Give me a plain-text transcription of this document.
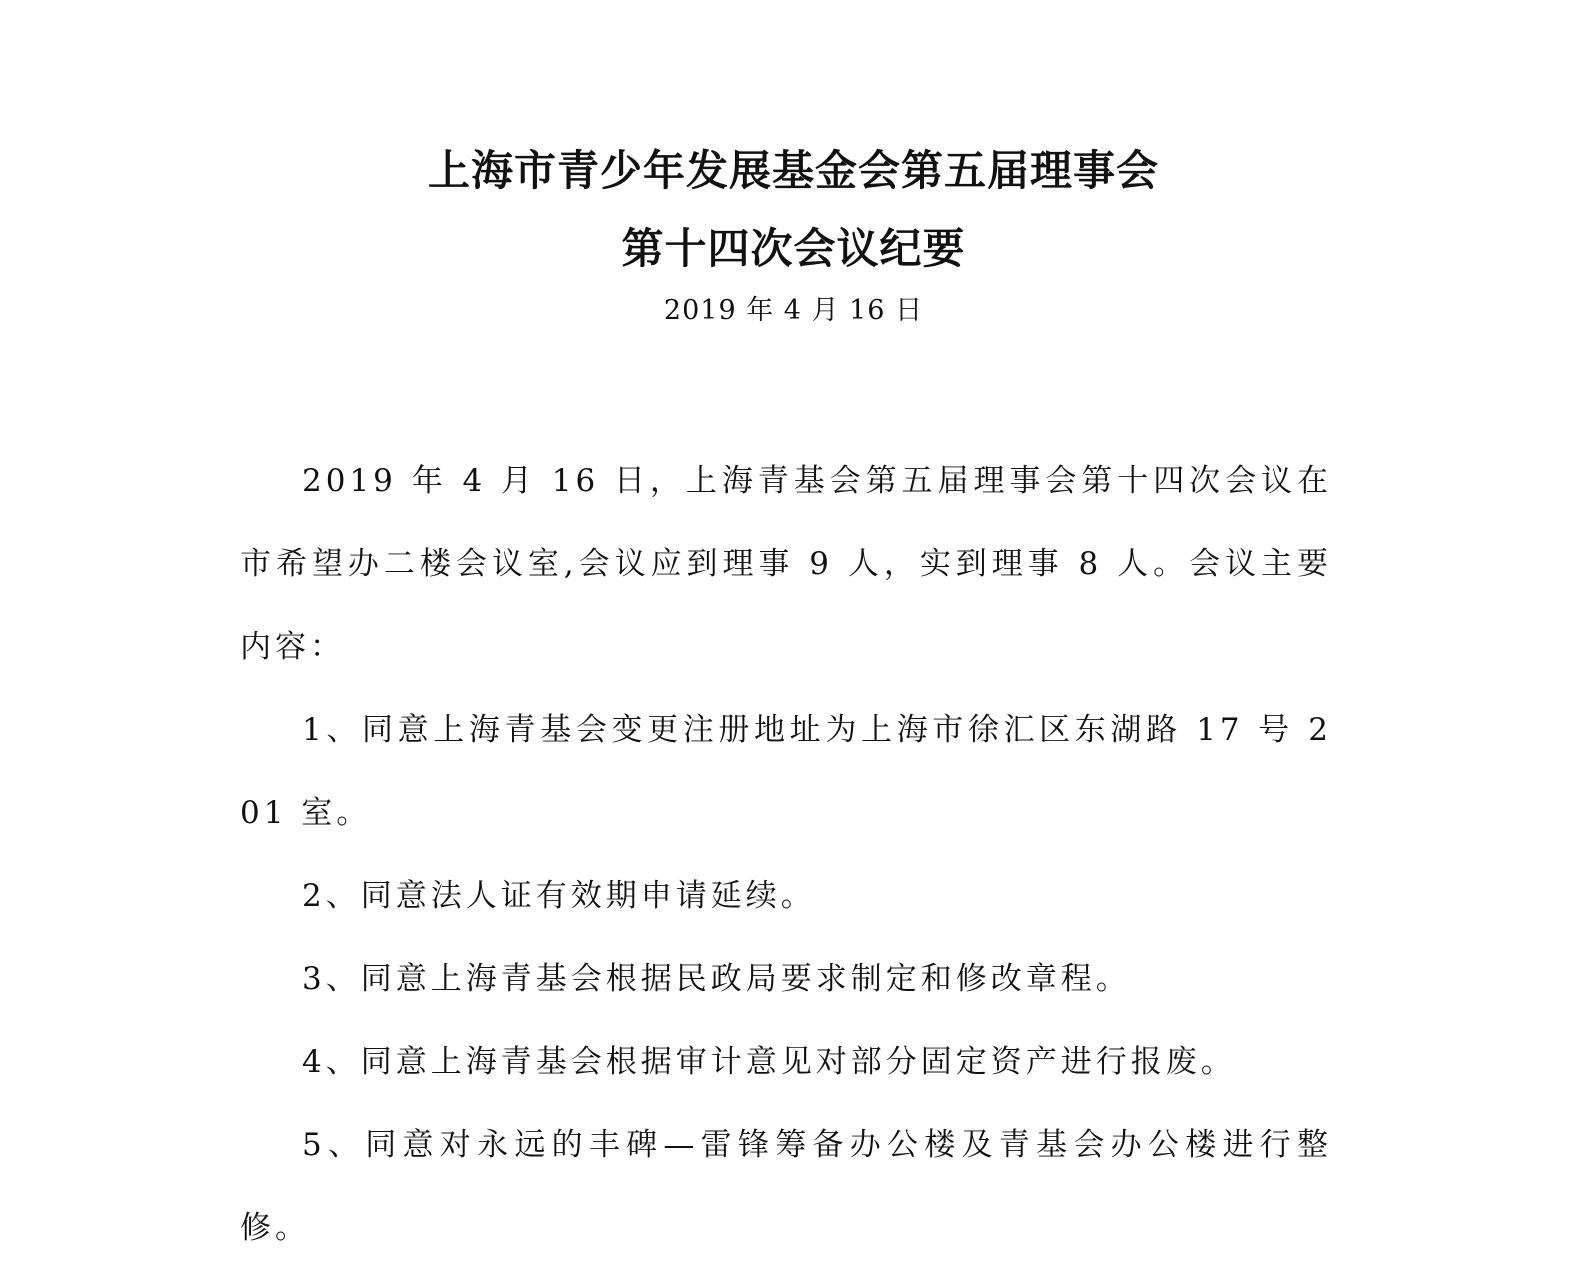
上海市青少年发展基金会第五届理事会
第十四次会议纪要
2019 年 4 月 16 日

2019 年 4 月 16 日，上海青基会第五届理事会第十四次会议在市希望办二楼会议室,会议应到理事 9 人，实到理事 8 人。会议主要内容：

1、同意上海青基会变更注册地址为上海市徐汇区东湖路 17 号 201 室。

2、同意法人证有效期申请延续。

3、同意上海青基会根据民政局要求制定和修改章程。

4、同意上海青基会根据审计意见对部分固定资产进行报废。

5、同意对永远的丰碑—雷锋筹备办公楼及青基会办公楼进行整修。
